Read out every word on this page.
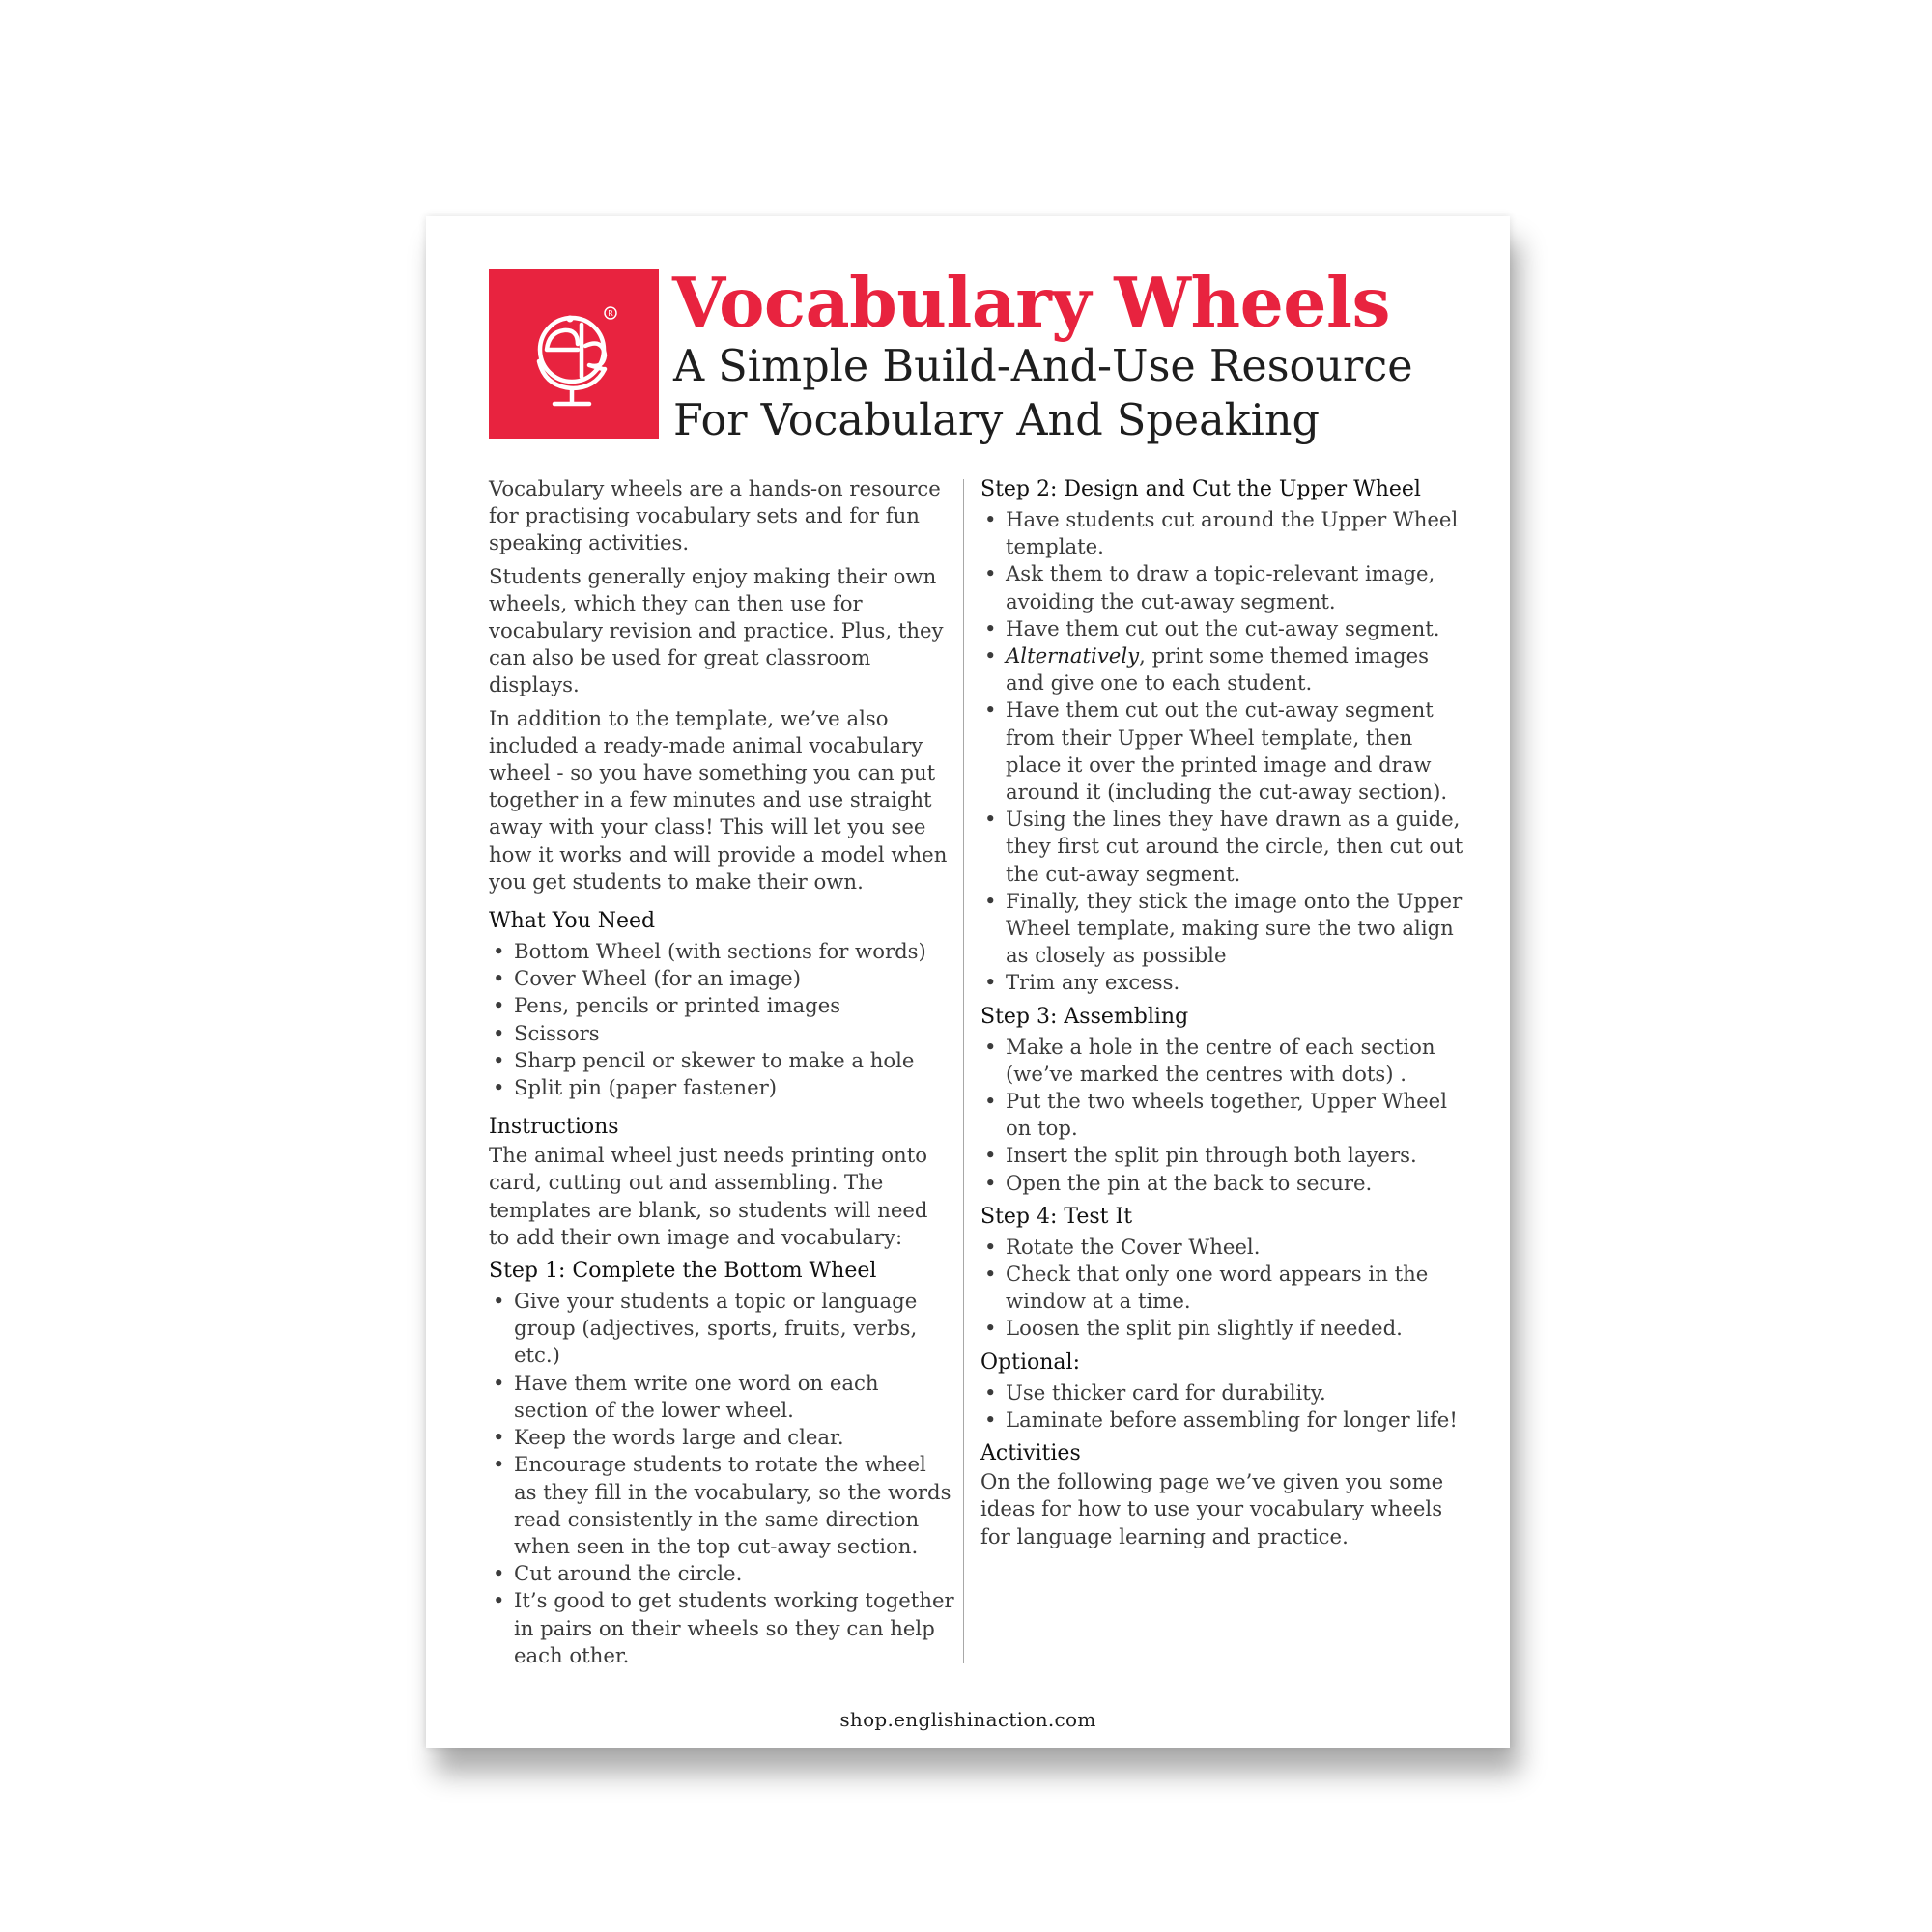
R Vocabulary Wheels
A Simple Build-And-Use Resource
For Vocabulary And Speaking

Vocabulary wheels are a hands-on resource for practising vocabulary sets and for fun speaking activities.

Students generally enjoy making their own wheels, which they can then use for vocabulary revision and practice. Plus, they can also be used for great classroom displays.

In addition to the template, we’ve also included a ready-made animal vocabulary wheel - so you have something you can put together in a few minutes and use straight away with your class! This will let you see how it works and will provide a model when you get students to make their own.

What You Need
• Bottom Wheel (with sections for words)
• Cover Wheel (for an image)
• Pens, pencils or printed images
• Scissors
• Sharp pencil or skewer to make a hole
• Split pin (paper fastener)
Instructions

The animal wheel just needs printing onto card, cutting out and assembling. The templates are blank, so students will need to add their own image and vocabulary:

Step 1: Complete the Bottom Wheel
• Give your students a topic or language group (adjectives, sports, fruits, verbs, etc.)
• Have them write one word on each section of the lower wheel.
• Keep the words large and clear.
• Encourage students to rotate the wheel as they fill in the vocabulary, so the words read consistently in the same direction when seen in the top cut-away section.
• Cut around the circle.
• It’s good to get students working together in pairs on their wheels so they can help each other.
Step 2: Design and Cut the Upper Wheel
• Have students cut around the Upper Wheel template.
• Ask them to draw a topic-relevant image, avoiding the cut-away segment.
• Have them cut out the cut-away segment.
• Alternatively, print some themed images and give one to each student.
• Have them cut out the cut-away segment from their Upper Wheel template, then place it over the printed image and draw around it (including the cut-away section).
• Using the lines they have drawn as a guide, they first cut around the circle, then cut out the cut-away segment.
• Finally, they stick the image onto the Upper Wheel template, making sure the two align as closely as possible
• Trim any excess.
Step 3: Assembling
• Make a hole in the centre of each section (we’ve marked the centres with dots) .
• Put the two wheels together, Upper Wheel on top.
• Insert the split pin through both layers.
• Open the pin at the back to secure.
Step 4: Test It
• Rotate the Cover Wheel.
• Check that only one word appears in the window at a time.
• Loosen the split pin slightly if needed.
Optional:
• Use thicker card for durability.
• Laminate before assembling for longer life!
Activities

On the following page we’ve given you some ideas for how to use your vocabulary wheels for language learning and practice.

shop.englishinaction.com
